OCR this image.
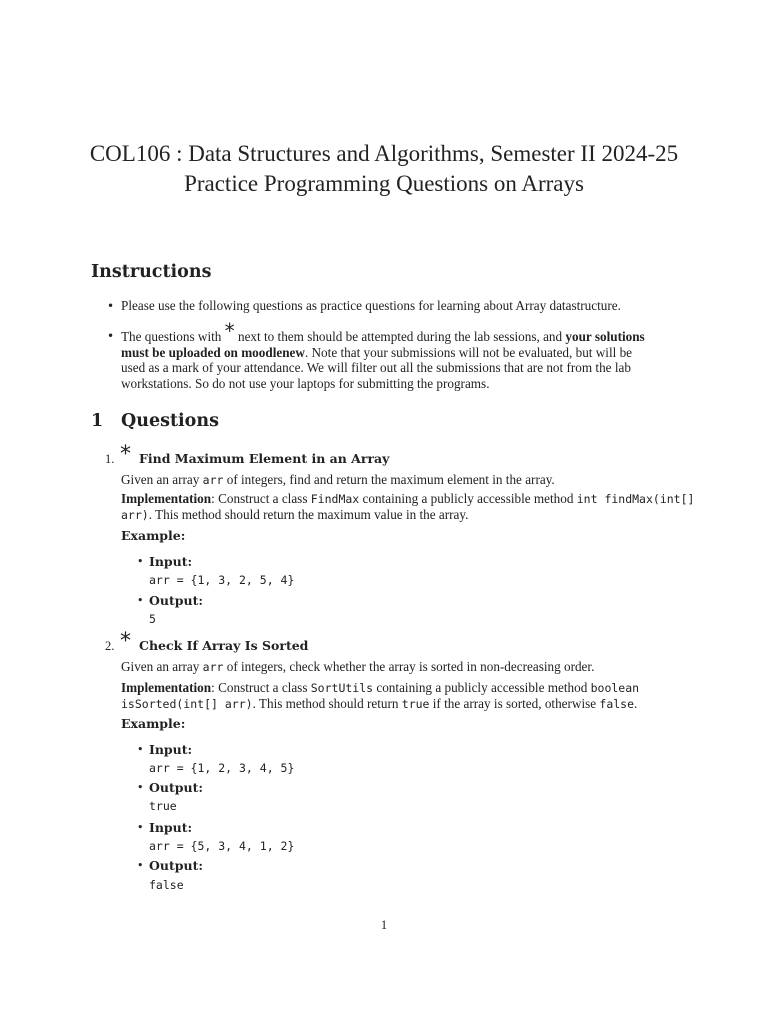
COL106 : Data Structures and Algorithms, Semester II 2024-25
Practice Programming Questions on Arrays
Instructions
• Please use the following questions as practice questions for learning about Array datastructure.
• The questions with * next to them should be attempted during the lab sessions, and your solutions
must be uploaded on moodlenew. Note that your submissions will not be evaluated, but will be
used as a mark of your attendance. We will filter out all the submissions that are not from the lab
workstations. So do not use your laptops for submitting the programs.
1 Questions
1. * Find Maximum Element in an Array
Given an array arr of integers, find and return the maximum element in the array.
Implementation: Construct a class FindMax containing a publicly accessible method int findMax(int[]
arr). This method should return the maximum value in the array.
Example:
• Input:
arr = {1, 3, 2, 5, 4}
• Output:
5
2. * Check If Array Is Sorted
Given an array arr of integers, check whether the array is sorted in non-decreasing order.
Implementation: Construct a class SortUtils containing a publicly accessible method boolean
isSorted(int[] arr). This method should return true if the array is sorted, otherwise false.
Example:
• Input:
arr = {1, 2, 3, 4, 5}
• Output:
true
• Input:
arr = {5, 3, 4, 1, 2}
• Output:
false
1
